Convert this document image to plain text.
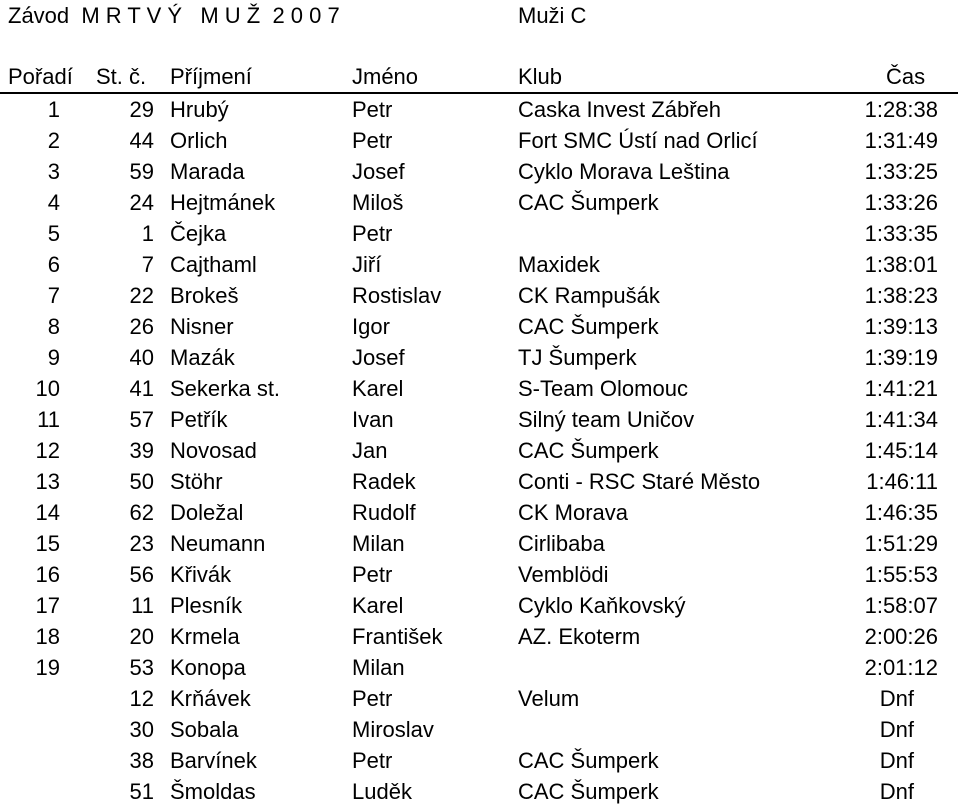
Závod  M R T V Ý   M U Ž  2 0 0 7	Muži C
Pořadí	St. č.	Příjmení	Jméno	Klub	Čas
1	29	Hrubý	Petr	Caska Invest Zábřeh	1:28:38
2	44	Orlich	Petr	Fort SMC Ústí nad Orlicí	1:31:49
3	59	Marada	Josef	Cyklo Morava Leština	1:33:25
4	24	Hejtmánek	Miloš	CAC Šumperk	1:33:26
5	1	Čejka	Petr		1:33:35
6	7	Cajthaml	Jiří	Maxidek	1:38:01
7	22	Brokeš	Rostislav	CK Rampušák	1:38:23
8	26	Nisner	Igor	CAC Šumperk	1:39:13
9	40	Mazák	Josef	TJ Šumperk	1:39:19
10	41	Sekerka st.	Karel	S-Team Olomouc	1:41:21
11	57	Petřík	Ivan	Silný team Uničov	1:41:34
12	39	Novosad	Jan	CAC Šumperk	1:45:14
13	50	Stöhr	Radek	Conti - RSC Staré Město	1:46:11
14	62	Doležal	Rudolf	CK Morava	1:46:35
15	23	Neumann	Milan	Cirlibaba	1:51:29
16	56	Křivák	Petr	Vemblödi	1:55:53
17	11	Plesník	Karel	Cyklo Kaňkovský	1:58:07
18	20	Krmela	František	AZ. Ekoterm	2:00:26
19	53	Konopa	Milan		2:01:12
	12	Krňávek	Petr	Velum	Dnf
	30	Sobala	Miroslav		Dnf
	38	Barvínek	Petr	CAC Šumperk	Dnf
	51	Šmoldas	Luděk	CAC Šumperk	Dnf
